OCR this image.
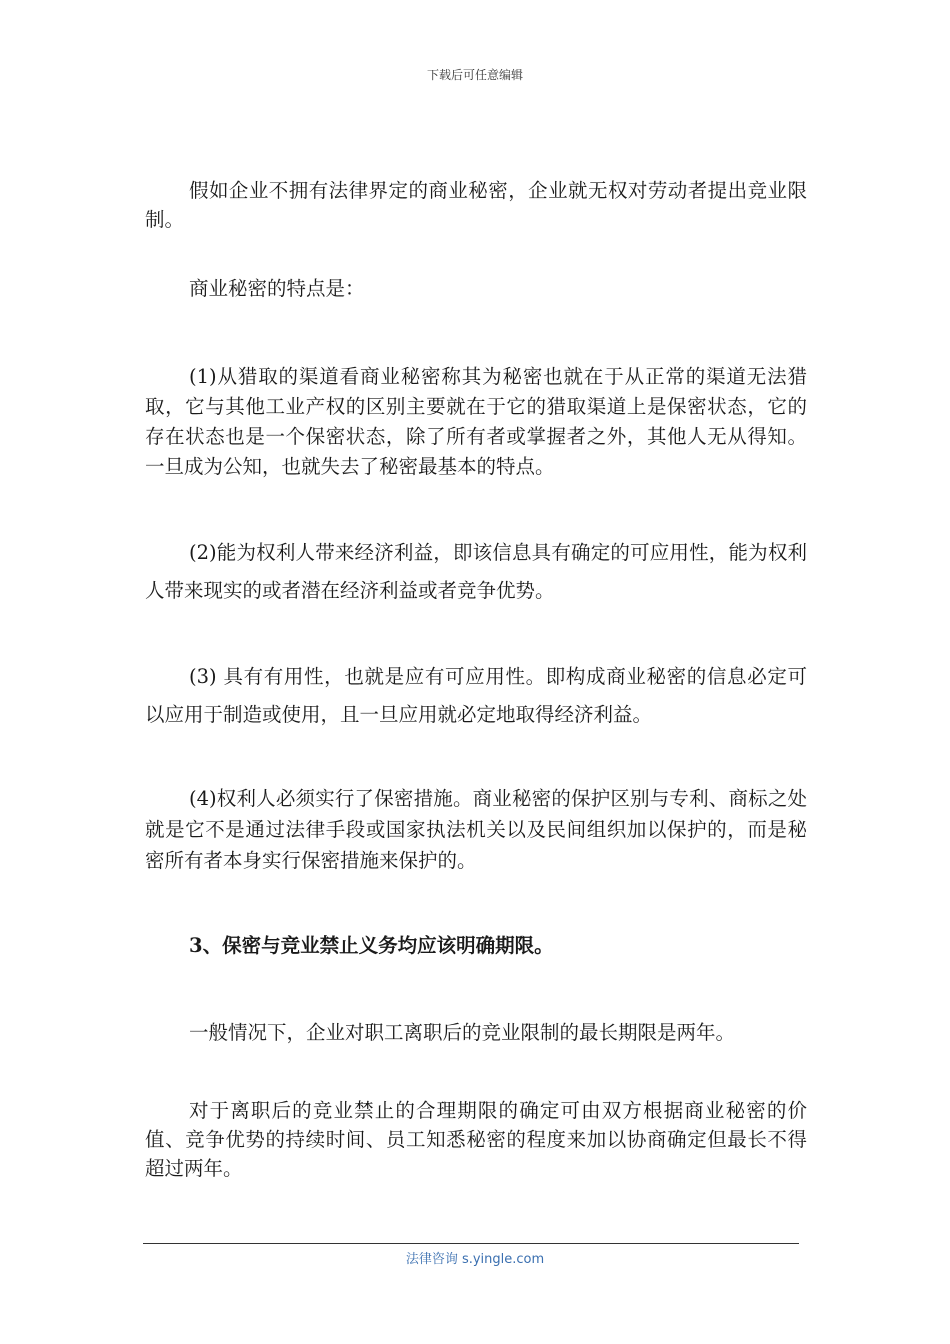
下载后可任意编辑

假如企业不拥有法律界定的商业秘密，企业就无权对劳动者提出竞业限制。

商业秘密的特点是：

(1)从猎取的渠道看商业秘密称其为秘密也就在于从正常的渠道无法猎取，它与其他工业产权的区别主要就在于它的猎取渠道上是保密状态，它的存在状态也是一个保密状态，除了所有者或掌握者之外，其他人无从得知。一旦成为公知，也就失去了秘密最基本的特点。

(2)能为权利人带来经济利益，即该信息具有确定的可应用性，能为权利人带来现实的或者潜在经济利益或者竞争优势。

(3) 具有有用性，也就是应有可应用性。即构成商业秘密的信息必定可以应用于制造或使用，且一旦应用就必定地取得经济利益。

(4)权利人必须实行了保密措施。商业秘密的保护区别与专利、商标之处就是它不是通过法律手段或国家执法机关以及民间组织加以保护的，而是秘密所有者本身实行保密措施来保护的。

3、保密与竞业禁止义务均应该明确期限。

一般情况下，企业对职工离职后的竞业限制的最长期限是两年。

对于离职后的竞业禁止的合理期限的确定可由双方根据商业秘密的价值、竞争优势的持续时间、员工知悉秘密的程度来加以协商确定但最长不得超过两年。

法律咨询 s.yingle.com
